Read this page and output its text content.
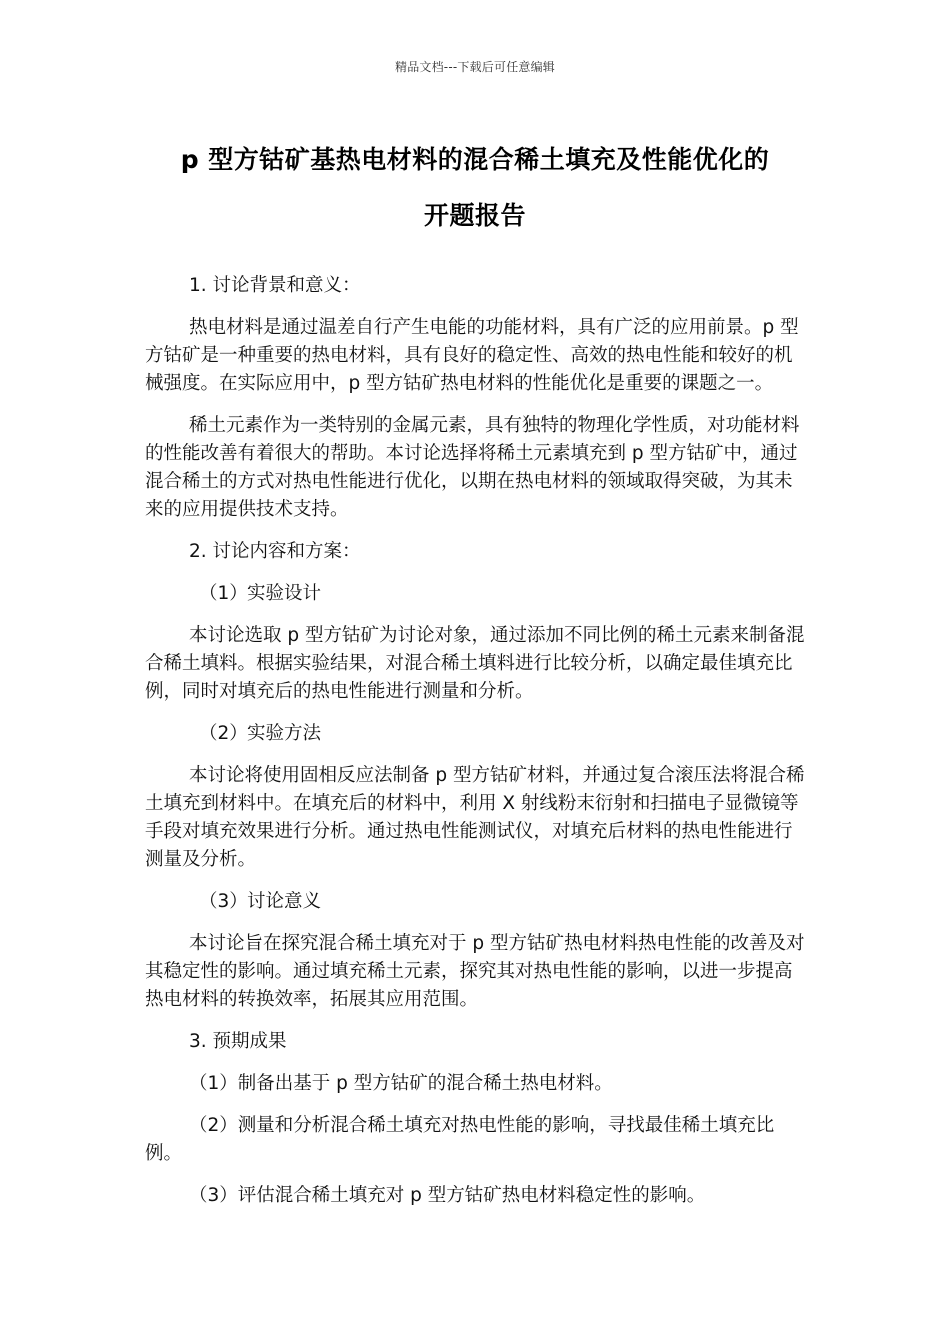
精品文档---下载后可任意编辑
p 型方钴矿基热电材料的混合稀土填充及性能优化的
开题报告

1. 讨论背景和意义：

热电材料是通过温差自行产生电能的功能材料，具有广泛的应用前景。p 型方钴矿是一种重要的热电材料，具有良好的稳定性、高效的热电性能和较好的机械强度。在实际应用中，p 型方钴矿热电材料的性能优化是重要的课题之一。

稀土元素作为一类特别的金属元素，具有独特的物理化学性质，对功能材料的性能改善有着很大的帮助。本讨论选择将稀土元素填充到 p 型方钴矿中，通过混合稀土的方式对热电性能进行优化，以期在热电材料的领域取得突破，为其未来的应用提供技术支持。

2. 讨论内容和方案：

（1）实验设计

本讨论选取 p 型方钴矿为讨论对象，通过添加不同比例的稀土元素来制备混合稀土填料。根据实验结果，对混合稀土填料进行比较分析，以确定最佳填充比例，同时对填充后的热电性能进行测量和分析。

（2）实验方法

本讨论将使用固相反应法制备 p 型方钴矿材料，并通过复合滚压法将混合稀土填充到材料中。在填充后的材料中，利用 X 射线粉末衍射和扫描电子显微镜等手段对填充效果进行分析。通过热电性能测试仪，对填充后材料的热电性能进行测量及分析。

（3）讨论意义

本讨论旨在探究混合稀土填充对于 p 型方钴矿热电材料热电性能的改善及对其稳定性的影响。通过填充稀土元素，探究其对热电性能的影响，以进一步提高热电材料的转换效率，拓展其应用范围。

3. 预期成果

（1）制备出基于 p 型方钴矿的混合稀土热电材料。

（2）测量和分析混合稀土填充对热电性能的影响，寻找最佳稀土填充比例。

（3）评估混合稀土填充对 p 型方钴矿热电材料稳定性的影响。
